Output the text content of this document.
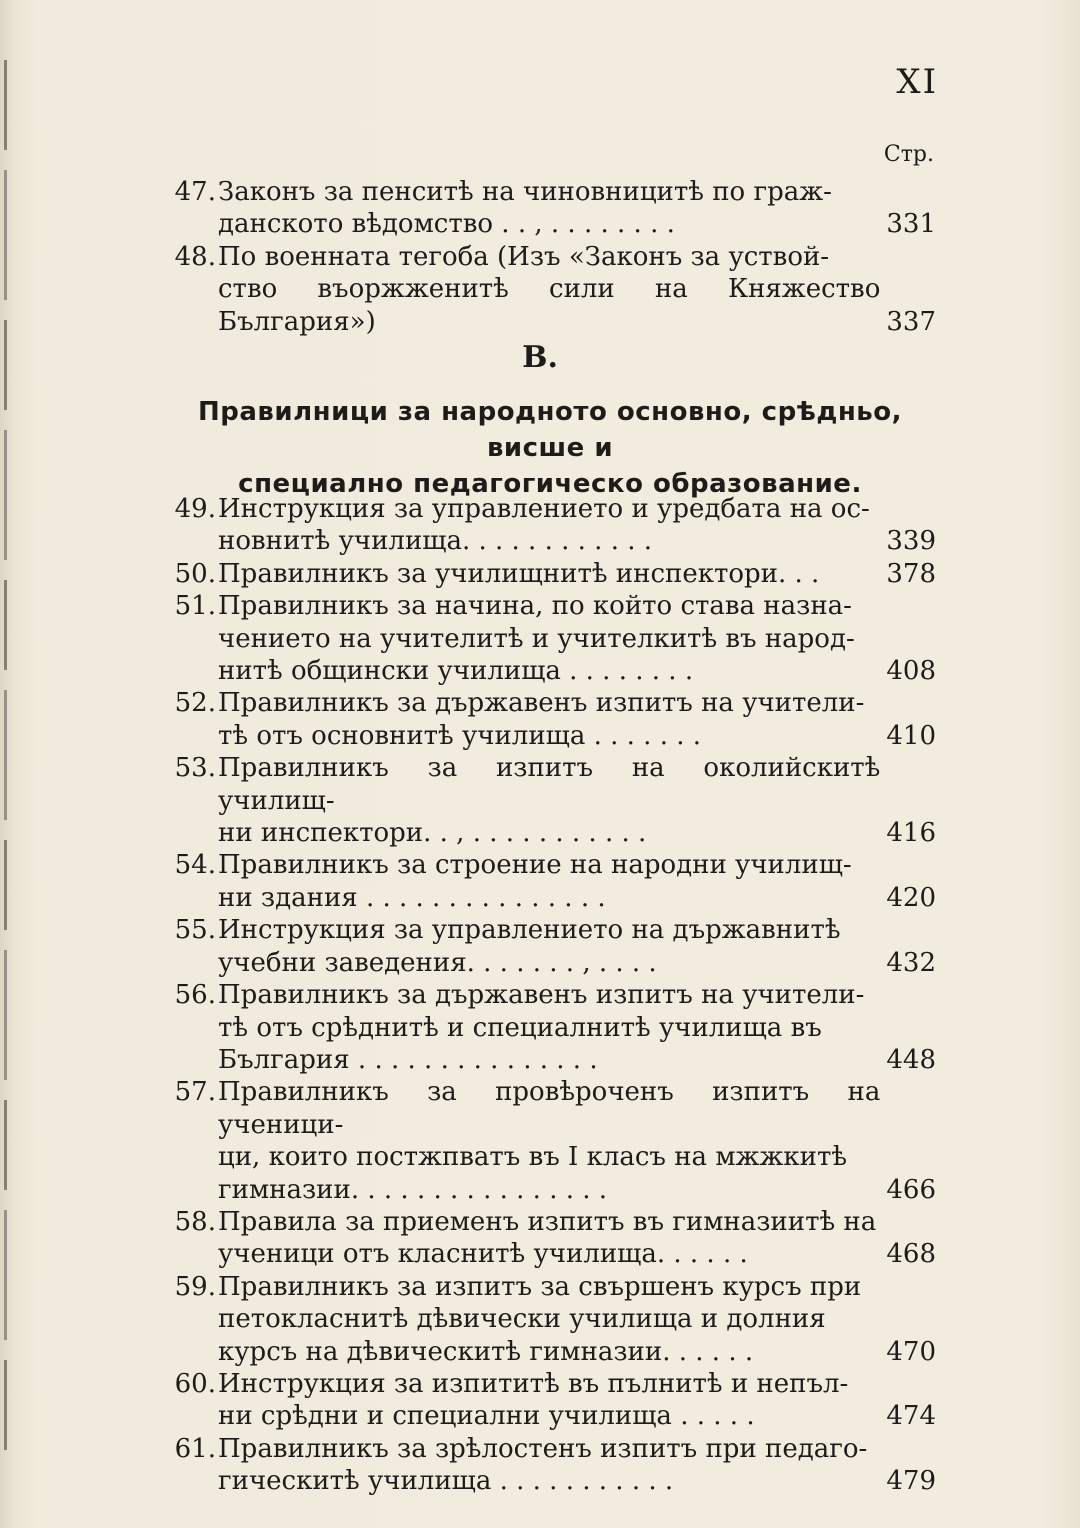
XI

Стр.

47. Законъ за пенситѣ на чиновницитѣ по граж-
данското вѣдомство . . , . . . . . . . .	331
48. По военната тегоба (Изъ «Законъ за уствой-
ство въоржженитѣ сили на Княжество България»)	337

В.

Правилници за народното основно, срѣдньо, висше и
специално педагогическо образование.
49. Инструкция за управлението и уредбата на ос-
новнитѣ училища. . . . . . . . . . . .	339
50. Правилникъ за училищнитѣ инспектори. . .	378
51. Правилникъ за начина, по който става назна-
чението на учителитѣ и учителкитѣ въ народ-
нитѣ общински училища . . . . . . . .	408
52. Правилникъ за държавенъ изпитъ на учители-
тѣ отъ основнитѣ училища . . . . . . .	410
53. Правилникъ за изпитъ на околийскитѣ училищ-
ни инспектори. . , . . . . . . . . . . .	416
54. Правилникъ за строение на народни училищ-
ни здания . . . . . . . . . . . . . . .	420
55. Инструкция за управлението на държавнитѣ
учебни заведения. . . . . . . , . . . .	432
56. Правилникъ за държавенъ изпитъ на учители-
тѣ отъ срѣднитѣ и специалнитѣ училища въ
България . . . . . . . . . . . . . . .	448
57. Правилникъ за провѣроченъ изпитъ на ученици-
ци, които постжпватъ въ I класъ на мжжкитѣ
гимназии. . . . . . . . . . . . . . . .	466
58. Правила за приеменъ изпитъ въ гимназиитѣ на
ученици отъ класнитѣ училища. . . . . .	468
59. Правилникъ за изпитъ за свършенъ курсъ при
петокласнитѣ дѣвически училища и долния
курсъ на дѣвическитѣ гимназии. . . . . .	470
60. Инструкция за изпититѣ въ пълнитѣ и непъл-
ни срѣдни и специални училища . . . . .	474
61. Правилникъ за зрѣлостенъ изпитъ при педаго-
гическитѣ училища . . . . . . . . . . .	479
